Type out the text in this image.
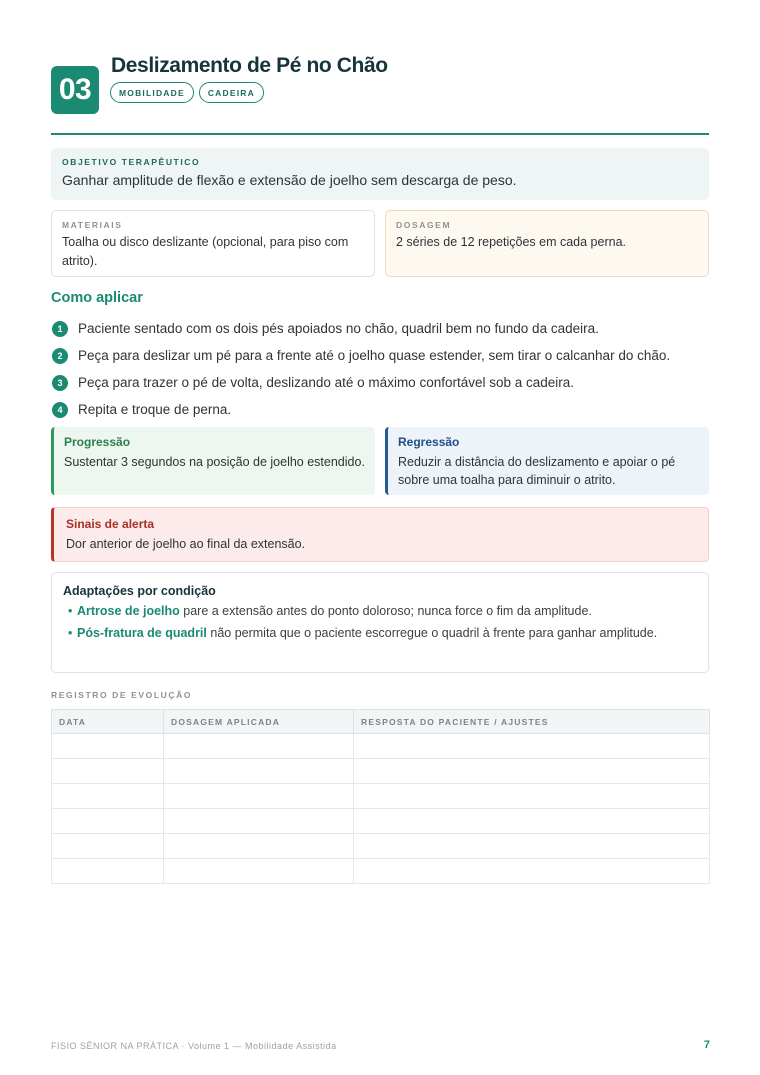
03
Deslizamento de Pé no Chão
MOBILIDADE	CADEIRA
OBJETIVO TERAPÊUTICO
Ganhar amplitude de flexão e extensão de joelho sem descarga de peso.
MATERIAIS
Toalha ou disco deslizante (opcional, para piso com atrito).
DOSAGEM
2 séries de 12 repetições em cada perna.
Como aplicar
1	Paciente sentado com os dois pés apoiados no chão, quadril bem no fundo da cadeira.
2	Peça para deslizar um pé para a frente até o joelho quase estender, sem tirar o calcanhar do chão.
3	Peça para trazer o pé de volta, deslizando até o máximo confortável sob a cadeira.
4	Repita e troque de perna.
Progressão
Sustentar 3 segundos na posição de joelho estendido.
Regressão
Reduzir a distância do deslizamento e apoiar o pé sobre uma toalha para diminuir o atrito.
Sinais de alerta
Dor anterior de joelho ao final da extensão.
Adaptações por condição
• Artrose de joelho pare a extensão antes do ponto doloroso; nunca force o fim da amplitude.
• Pós-fratura de quadril não permita que o paciente escorregue o quadril à frente para ganhar amplitude.
REGISTRO DE EVOLUÇÃO
DATA	DOSAGEM APLICADA	RESPOSTA DO PACIENTE / AJUSTES

FISIO SÊNIOR NA PRÁTICA · Volume 1 — Mobilidade Assistida	7
